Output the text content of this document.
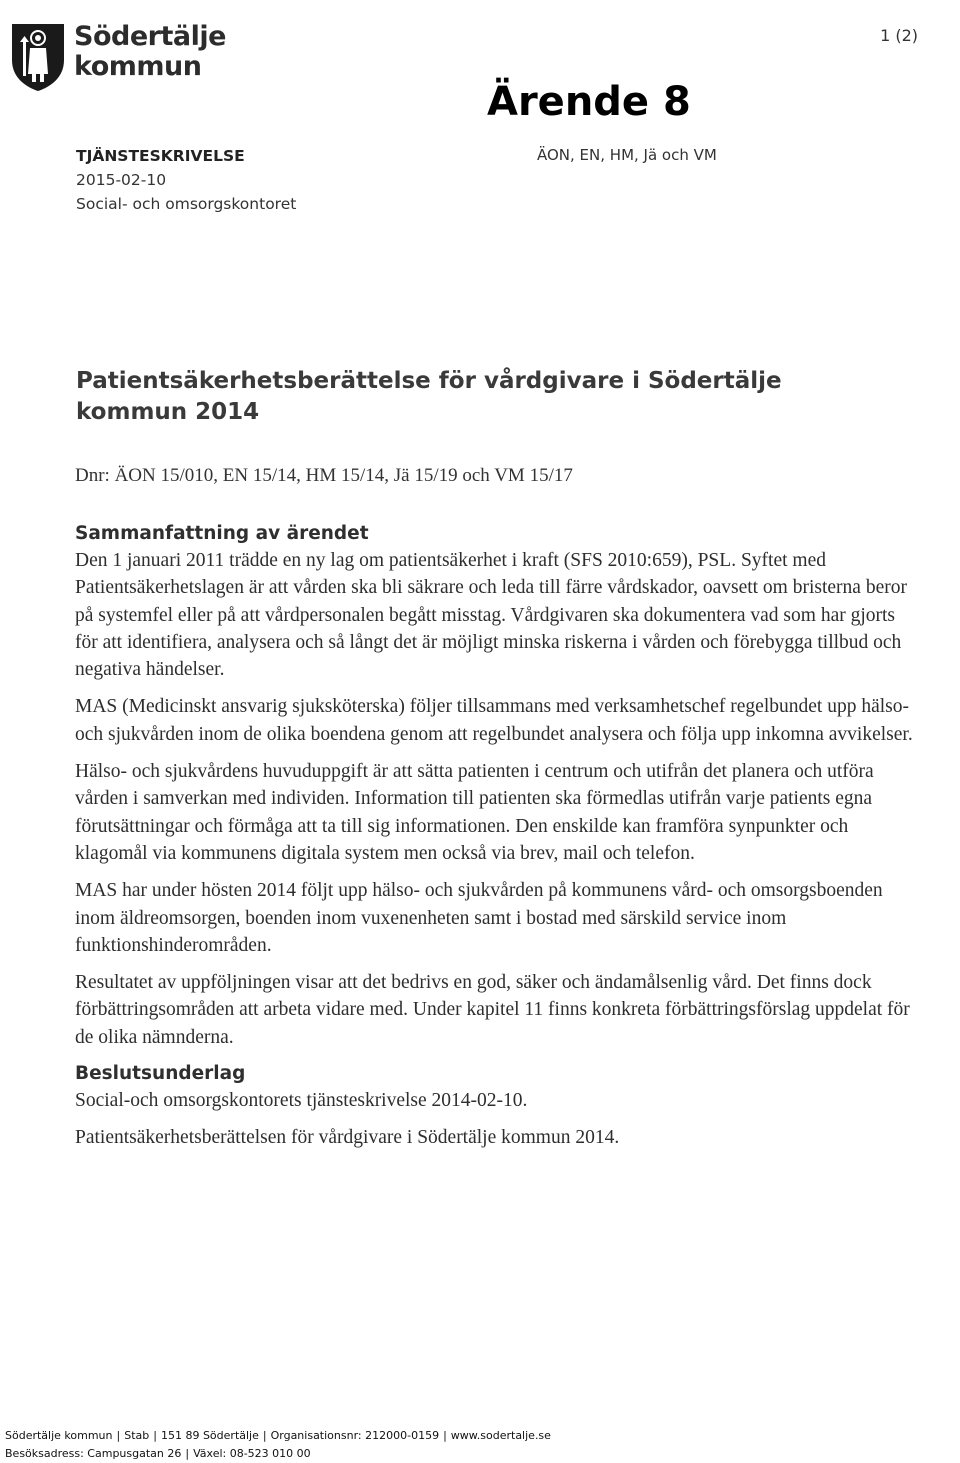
Södertälje
kommun
1 (2)
Ärende 8
ÄON, EN, HM, Jä och VM
TJÄNSTESKRIVELSE
2015-02-10
Social- och omsorgskontoret
Patientsäkerhetsberättelse för vårdgivare i Södertälje kommun 2014
Dnr: ÄON 15/010, EN 15/14, HM 15/14, Jä 15/19 och VM 15/17
Sammanfattning av ärendet

Den 1 januari 2011 trädde en ny lag om patientsäkerhet i kraft (SFS 2010:659), PSL. Syftet med Patientsäkerhetslagen är att vården ska bli säkrare och leda till färre vårdskador, oavsett om bristerna beror på systemfel eller på att vårdpersonalen begått misstag. Vårdgivaren ska dokumentera vad som har gjorts för att identifiera, analysera och så långt det är möjligt minska riskerna i vården och förebygga tillbud och negativa händelser.

MAS (Medicinskt ansvarig sjuksköterska) följer tillsammans med verksamhetschef regelbundet upp hälso- och sjukvården inom de olika boendena genom att regelbundet analysera och följa upp inkomna avvikelser.

Hälso- och sjukvårdens huvuduppgift är att sätta patienten i centrum och utifrån det planera och utföra vården i samverkan med individen. Information till patienten ska förmedlas utifrån varje patients egna förutsättningar och förmåga att ta till sig informationen. Den enskilde kan framföra synpunkter och klagomål via kommunens digitala system men också via brev, mail och telefon.

MAS har under hösten 2014 följt upp hälso- och sjukvården på kommunens vård- och omsorgsboenden inom äldreomsorgen, boenden inom vuxenenheten samt i bostad med särskild service inom funktionshinderområden.

Resultatet av uppföljningen visar att det bedrivs en god, säker och ändamålsenlig vård. Det finns dock förbättringsområden att arbeta vidare med. Under kapitel 11 finns konkreta förbättringsförslag uppdelat för de olika nämnderna.

Beslutsunderlag

Social-och omsorgskontorets tjänsteskrivelse 2014-02-10.

Patientsäkerhetsberättelsen för vårdgivare i Södertälje kommun 2014.

Södertälje kommun | Stab | 151 89 Södertälje | Organisationsnr: 212000-0159 | www.sodertalje.se
Besöksadress: Campusgatan 26 | Växel: 08-523 010 00
